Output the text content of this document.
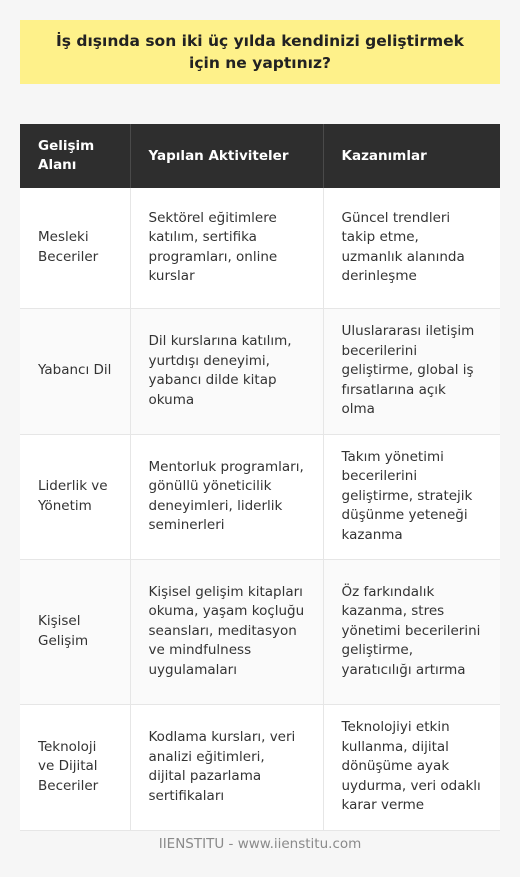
İş dışında son iki üç yılda kendinizi geliştirmek için ne yaptınız?
Gelişim Alanı	Yapılan Aktiviteler	Kazanımlar
Mesleki Beceriler	Sektörel eğitimlere katılım, sertifika programları, online kurslar	Güncel trendleri takip etme, uzmanlık alanında derinleşme
Yabancı Dil	Dil kurslarına katılım, yurtdışı deneyimi, yabancı dilde kitap okuma	Uluslararası iletişim becerilerini geliştirme, global iş fırsatlarına açık olma
Liderlik ve Yönetim	Mentorluk programları, gönüllü yöneticilik deneyimleri, liderlik seminerleri	Takım yönetimi becerilerini geliştirme, stratejik düşünme yeteneği kazanma
Kişisel Gelişim	Kişisel gelişim kitapları okuma, yaşam koçluğu seansları, meditasyon ve mindfulness uygulamaları	Öz farkındalık kazanma, stres yönetimi becerilerini geliştirme, yaratıcılığı artırma
Teknoloji ve Dijital Beceriler	Kodlama kursları, veri analizi eğitimleri, dijital pazarlama sertifikaları	Teknolojiyi etkin kullanma, dijital dönüşüme ayak uydurma, veri odaklı karar verme
IIENSTITU - www.iienstitu.com
